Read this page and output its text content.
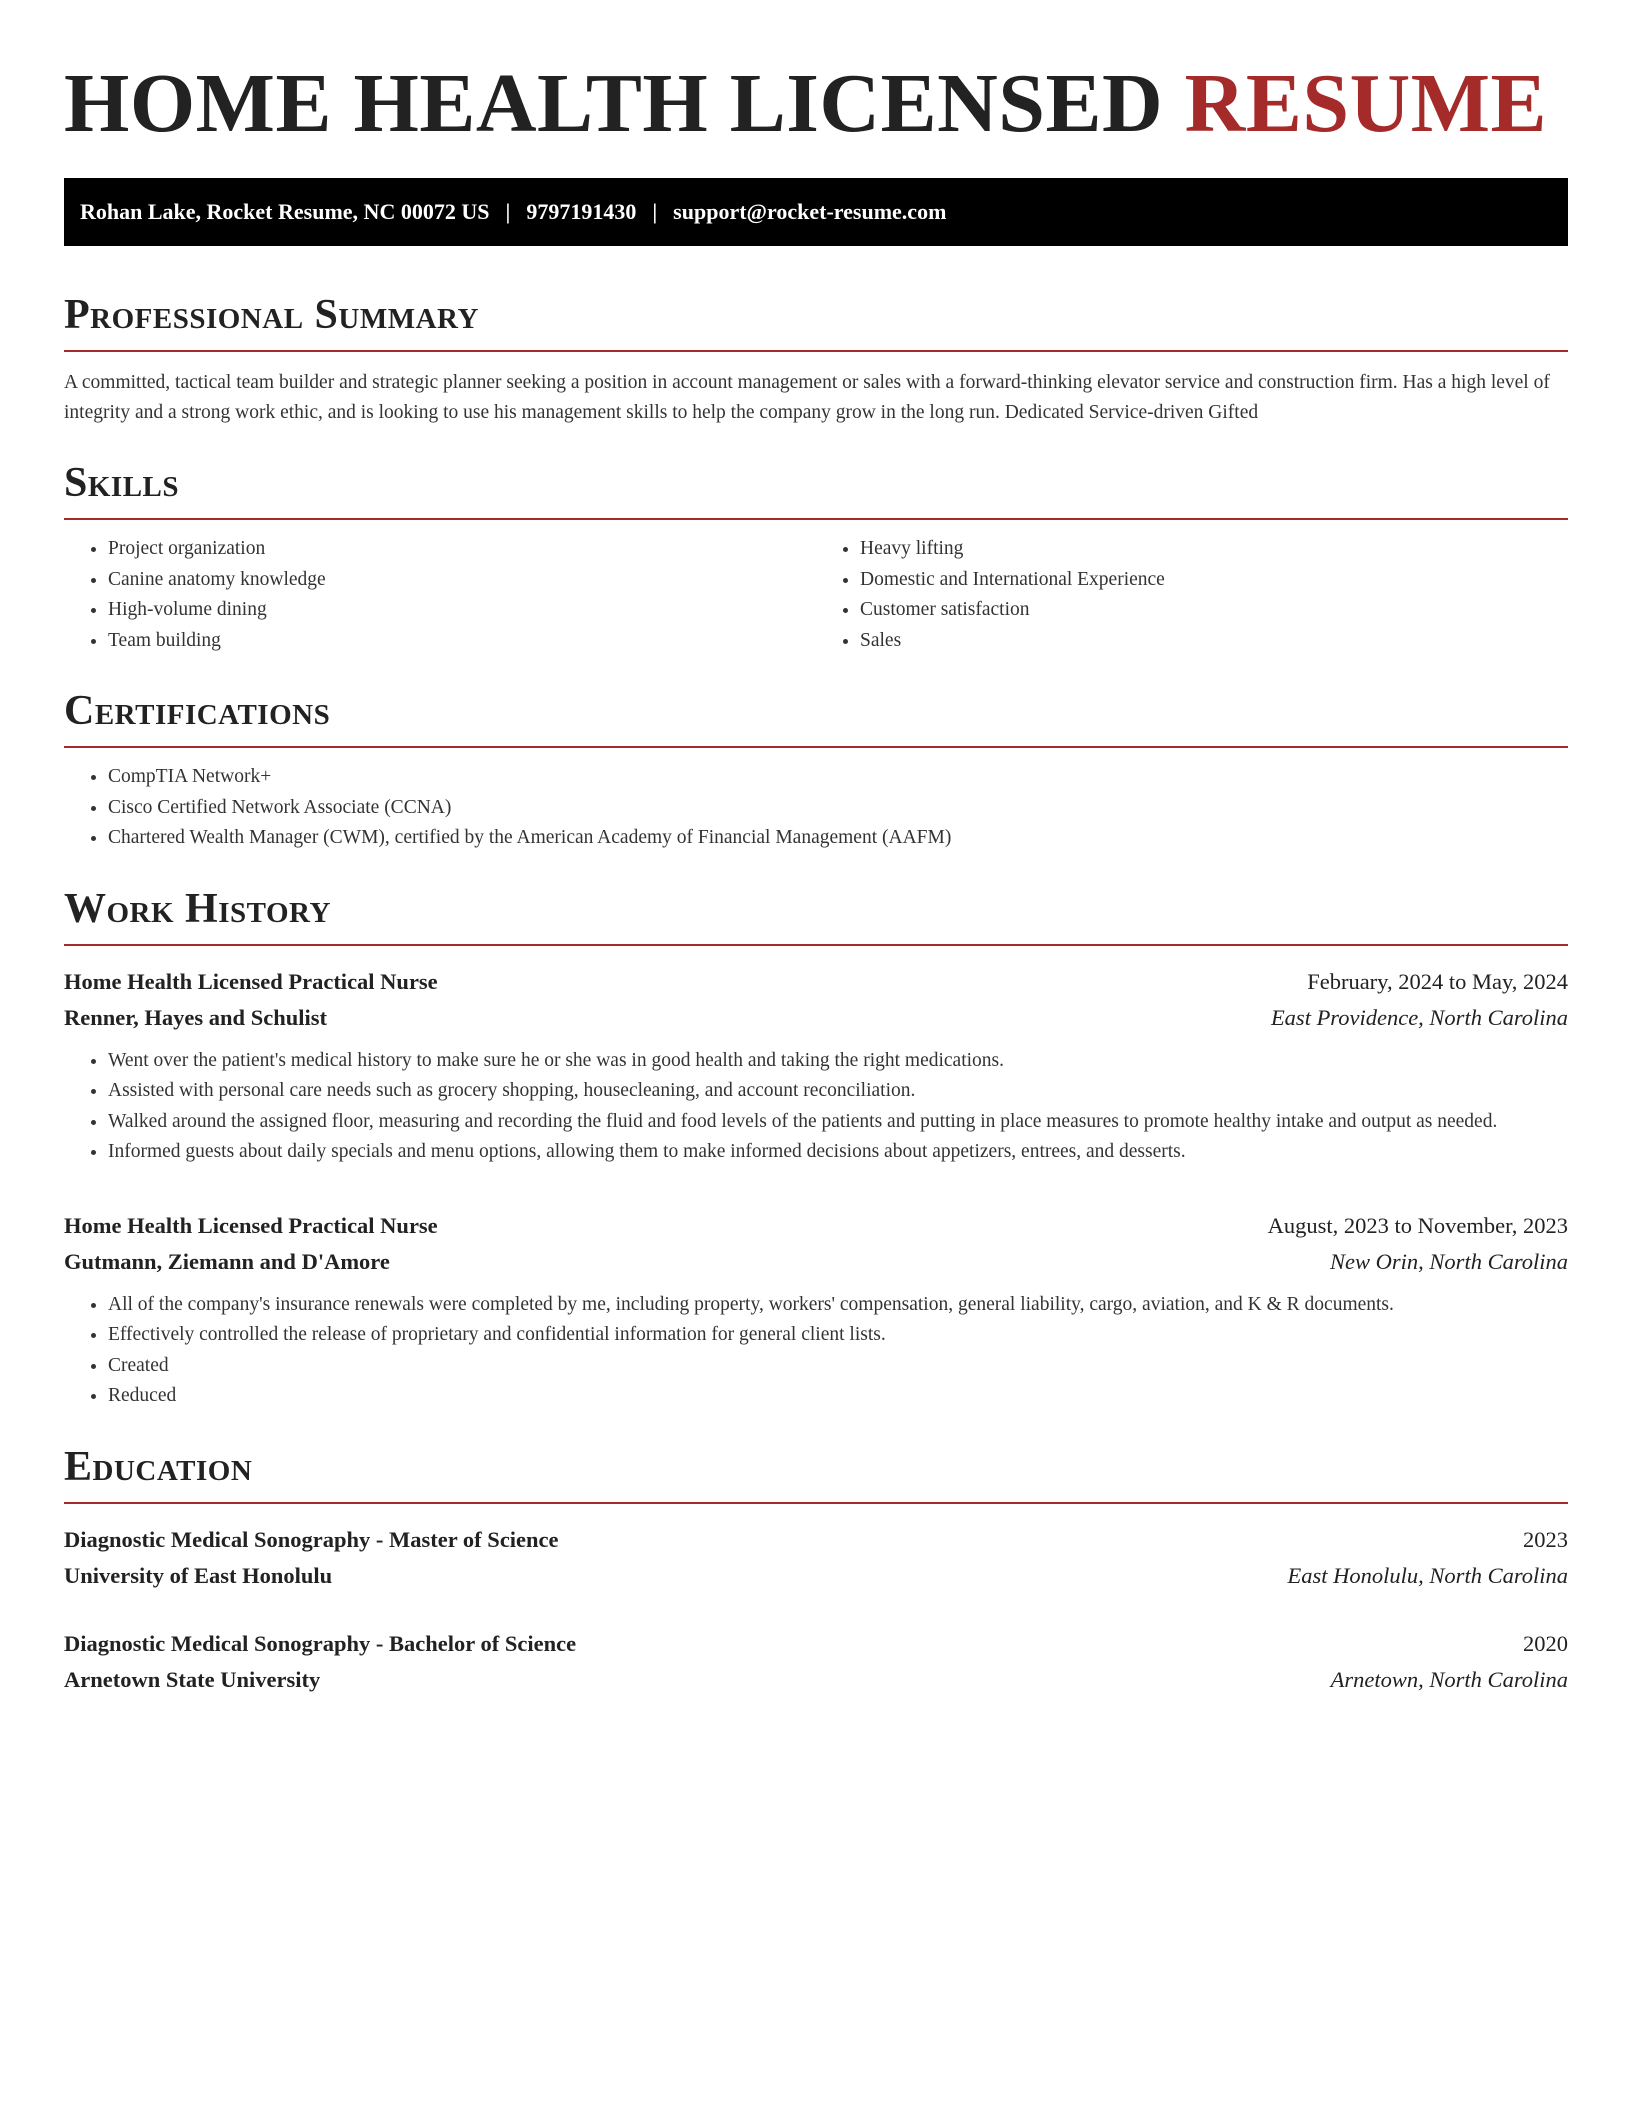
HOME HEALTH LICENSED RESUME
Rohan Lake, Rocket Resume, NC 00072 US | 9797191430 | support@rocket-resume.com
Professional Summary

A committed, tactical team builder and strategic planner seeking a position in account management or sales with a forward-thinking elevator service and construction firm. Has a high level of integrity and a strong work ethic, and is looking to use his management skills to help the company grow in the long run. Dedicated Service-driven Gifted

Skills
• Project organization
• Canine anatomy knowledge
• High-volume dining
• Team building
• Heavy lifting
• Domestic and International Experience
• Customer satisfaction
• Sales
Certifications
• CompTIA Network+
• Cisco Certified Network Associate (CCNA)
• Chartered Wealth Manager (CWM), certified by the American Academy of Financial Management (AAFM)
Work History
Home Health Licensed Practical Nurse	February, 2024 to May, 2024
Renner, Hayes and Schulist	East Providence, North Carolina
• Went over the patient's medical history to make sure he or she was in good health and taking the right medications.
• Assisted with personal care needs such as grocery shopping, housecleaning, and account reconciliation.
• Walked around the assigned floor, measuring and recording the fluid and food levels of the patients and putting in place measures to promote healthy intake and output as needed.
• Informed guests about daily specials and menu options, allowing them to make informed decisions about appetizers, entrees, and desserts.
Home Health Licensed Practical Nurse	August, 2023 to November, 2023
Gutmann, Ziemann and D'Amore	New Orin, North Carolina
• All of the company's insurance renewals were completed by me, including property, workers' compensation, general liability, cargo, aviation, and K & R documents.
• Effectively controlled the release of proprietary and confidential information for general client lists.
• Created
• Reduced
Education
Diagnostic Medical Sonography - Master of Science	2023
University of East Honolulu	East Honolulu, North Carolina
Diagnostic Medical Sonography - Bachelor of Science	2020
Arnetown State University	Arnetown, North Carolina
